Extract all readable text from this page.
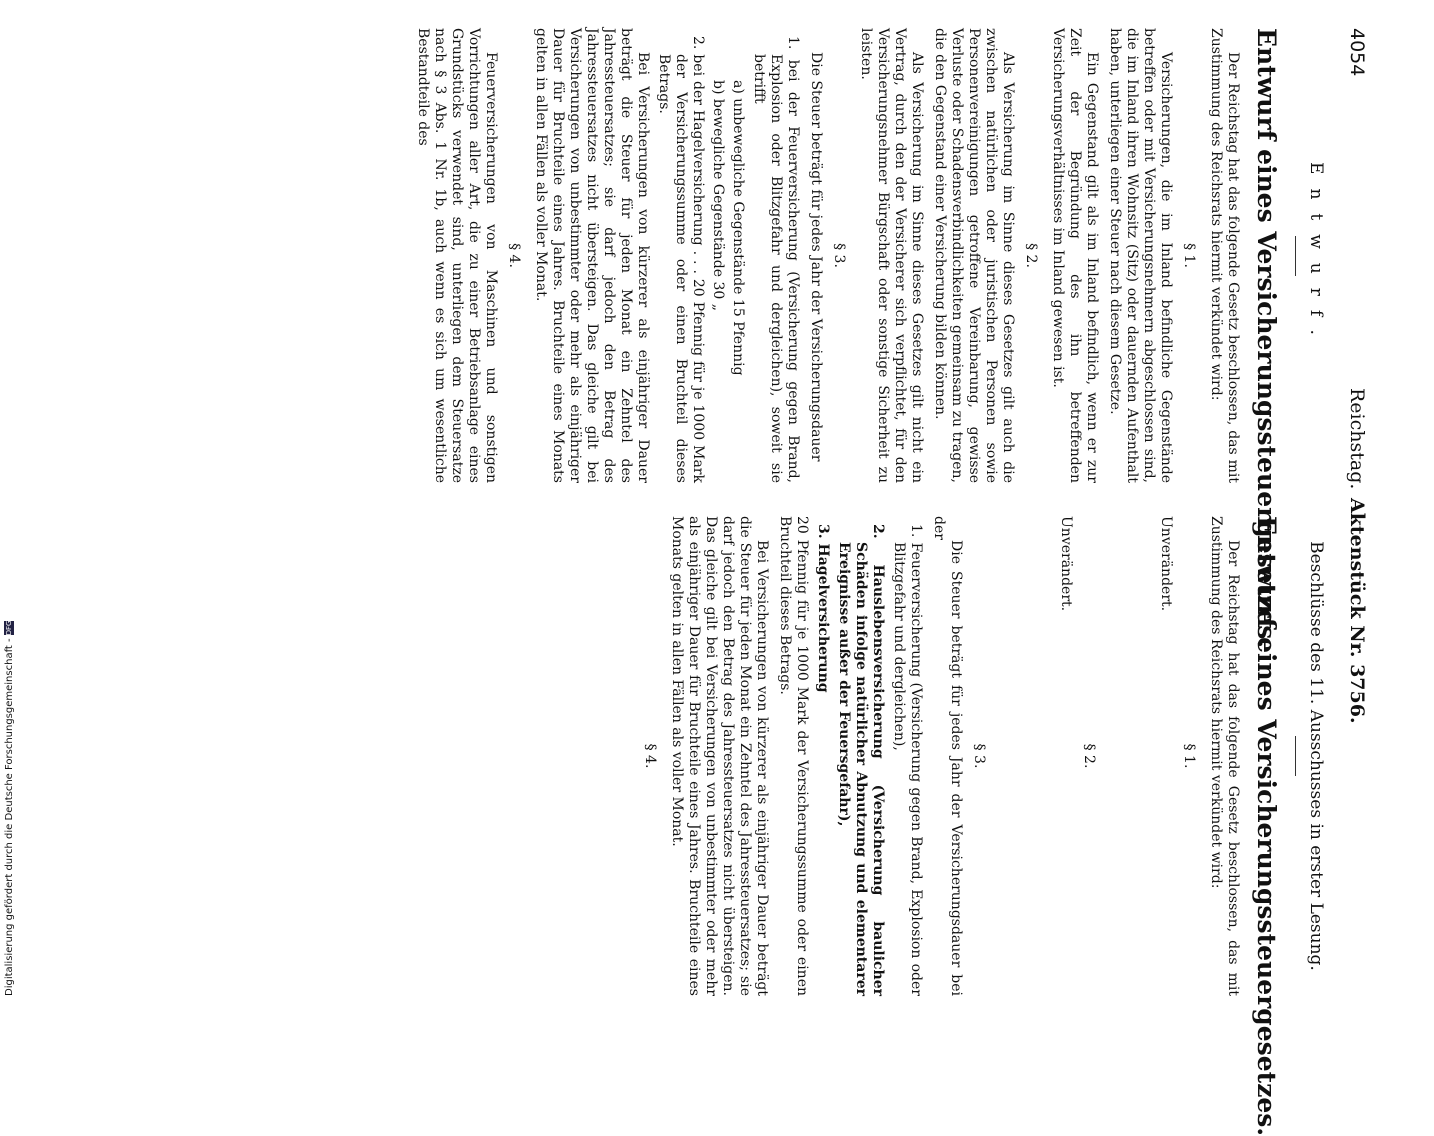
4054
Reichstag.
Aktenstück Nr. 3756.
Entwurf.
Entwurf eines Versicherungssteuergesetzes.

Der Reichstag hat das folgende Gesetz beschlossen, das mit Zustimmung des Reichsrats hiermit verkündet wird:

§ 1.

Versicherungen, die im Inland befindliche Gegenstände betreffen oder mit Versicherungsnehmern abgeschlossen sind, die im Inland ihren Wohnsitz (Sitz) oder dauernden Aufenthalt haben, unterliegen einer Steuer nach diesem Gesetze.

Ein Gegenstand gilt als im Inland befindlich, wenn er zur Zeit der Begründung des ihn betreffenden Versicherungsverhältnisses im Inland gewesen ist.

§ 2.

Als Versicherung im Sinne dieses Gesetzes gilt auch die zwischen natürlichen oder juristischen Personen sowie Personenvereinigungen getroffene Vereinbarung, gewisse Verluste oder Schadensverbindlichkeiten gemeinsam zu tragen, die den Gegenstand einer Versicherung bilden können.

Als Versicherung im Sinne dieses Gesetzes gilt nicht ein Vertrag, durch den der Versicherer sich verpflichtet, für den Versicherungsnehmer Bürgschaft oder sonstige Sicherheit zu leisten.

§ 3.

Die Steuer beträgt für jedes Jahr der Versicherungsdauer

1. bei der Feuerversicherung (Versicherung gegen Brand, Explosion oder Blitzgefahr und dergleichen), soweit sie betrifft

a) unbewegliche Gegenstände 15 Pfennig

b) bewegliche Gegenstände 30 „

2. bei der Hagelversicherung . . . 20 Pfennig für je 1000 Mark der Versicherungssumme oder einen Bruchteil dieses Betrags.

Bei Versicherungen von kürzerer als einjähriger Dauer beträgt die Steuer für jeden Monat ein Zehntel des Jahressteuersatzes; sie darf jedoch den Betrag des Jahressteuersatzes nicht übersteigen. Das gleiche gilt bei Versicherungen von unbestimmter oder mehr als einjähriger Dauer für Bruchteile eines Jahres. Bruchteile eines Monats gelten in allen Fällen als voller Monat.

§ 4.

Feuerversicherungen von Maschinen und sonstigen Vorrichtungen aller Art, die zu einer Betriebsanlage eines Grundstücks verwendet sind, unterliegen dem Steuersatze nach § 3 Abs. 1 Nr. 1b, auch wenn es sich um wesentliche Bestandteile des

Beschlüsse des 11. Ausschusses in erster Lesung.
Entwurf eines Versicherungssteuergesetzes.

Der Reichstag hat das folgende Gesetz beschlossen, das mit Zustimmung des Reichsrats hiermit verkündet wird:

§ 1.

Unverändert.

§ 2.

Unverändert.

§ 3.

Die Steuer beträgt für jedes Jahr der Versicherungsdauer bei der

1. Feuerversicherung (Versicherung gegen Brand, Explosion oder Blitzgefahr und dergleichen),

2. Hauslebensversicherung (Versicherung baulicher Schäden infolge natürlicher Abnutzung und elementarer Ereignisse außer der Feuersgefahr),

3. Hagelversicherung

20 Pfennig für je 1000 Mark der Versicherungssumme oder einen Bruchteil dieses Betrags.

Bei Versicherungen von kürzerer als einjähriger Dauer beträgt die Steuer für jeden Monat ein Zehntel des Jahressteuersatzes; sie darf jedoch den Betrag des Jahressteuersatzes nicht übersteigen. Das gleiche gilt bei Versicherungen von unbestimmter oder mehr als einjähriger Dauer für Bruchteile eines Jahres. Bruchteile eines Monats gelten in allen Fällen als voller Monat.

§ 4.
Digitalisierung gefördert durch die Deutsche Forschungsgemeinschaft -DFG
